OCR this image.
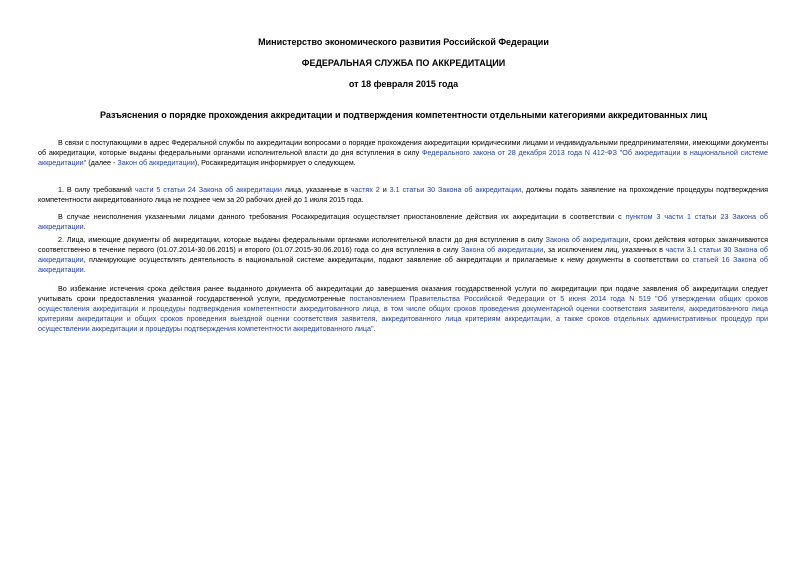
Министерство экономического развития Российской Федерации
ФЕДЕРАЛЬНАЯ СЛУЖБА ПО АККРЕДИТАЦИИ
от 18 февраля 2015 года
Разъяснения о порядке прохождения аккредитации и подтверждения компетентности отдельными категориями аккредитованных лиц

В связи с поступающими в адрес Федеральной службы по аккредитации вопросами о порядке прохождения аккредитации юридическими лицами и индивидуальными предпринимателями, имеющими документы об аккредитации, которые выданы федеральными органами исполнительной власти до дня вступления в силу Федерального закона от 28 декабря 2013 года N 412-ФЗ "Об аккредитации в национальной системе аккредитации" (далее - Закон об аккредитации), Росаккредитация информирует о следующем.

1. В силу требований части 5 статьи 24 Закона об аккредитации лица, указанные в частях 2 и 3.1 статьи 30 Закона об аккредитации, должны подать заявление на прохождение процедуры подтверждения компетентности аккредитованного лица не позднее чем за 20 рабочих дней до 1 июля 2015 года.

В случае неисполнения указанными лицами данного требования Росаккредитация осуществляет приостановление действия их аккредитации в соответствии с пунктом 3 части 1 статьи 23 Закона об аккредитации.

2. Лица, имеющие документы об аккредитации, которые выданы федеральными органами исполнительной власти до дня вступления в силу Закона об аккредитации, сроки действия которых заканчиваются соответственно в течение первого (01.07.2014-30.06.2015) и второго (01.07.2015-30.06.2016) года со дня вступления в силу Закона об аккредитации, за исключением лиц, указанных в части 3.1 статьи 30 Закона об аккредитации, планирующие осуществлять деятельность в национальной системе аккредитации, подают заявление об аккредитации и прилагаемые к нему документы в соответствии со статьей 16 Закона об аккредитации.

Во избежание истечения срока действия ранее выданного документа об аккредитации до завершения оказания государственной услуги по аккредитации при подаче заявления об аккредитации следует учитывать сроки предоставления указанной государственной услуги, предусмотренные постановлением Правительства Российской Федерации от 5 июня 2014 года N 519 "Об утверждении общих сроков осуществления аккредитации и процедуры подтверждения компетентности аккредитованного лица, в том числе общих сроков проведения документарной оценки соответствия заявителя, аккредитованного лица критериям аккредитации и общих сроков проведения выездной оценки соответствия заявителя, аккредитованного лица критериям аккредитации, а также сроков отдельных административных процедур при осуществлении аккредитации и процедуры подтверждения компетентности аккредитованного лица".
